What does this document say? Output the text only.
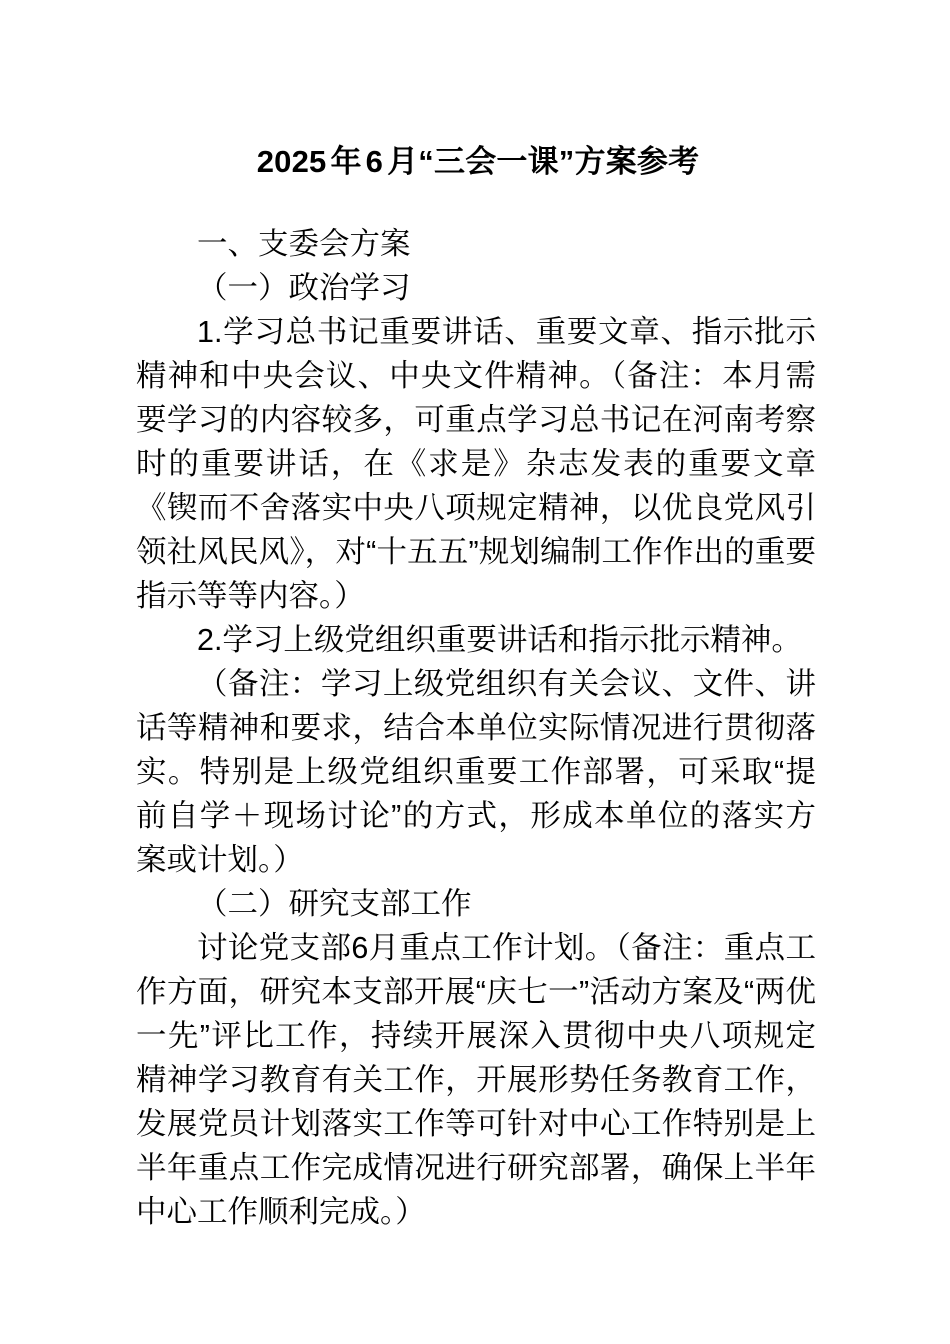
2025 年 6 月“三会一课”方案参考

一、支委会方案

（一）政治学习

1.学习总书记重要讲话、重要文章、指示批示精神和中央会议、中央文件精神。（备注：本月需要学习的内容较多，可重点学习总书记在河南考察时的重要讲话，在《求是》杂志发表的重要文章《锲而不舍落实中央八项规定精神，以优良党风引领社风民风》，对“十五五”规划编制工作作出的重要指示等等内容。）

2.学习上级党组织重要讲话和指示批示精神。

（备注：学习上级党组织有关会议、文件、讲话等精神和要求，结合本单位实际情况进行贯彻落实。特别是上级党组织重要工作部署，可采取“提前自学＋现场讨论”的方式，形成本单位的落实方案或计划。）

（二）研究支部工作

讨论党支部6月重点工作计划。（备注：重点工作方面，研究本支部开展“庆七一”活动方案及“两优一先”评比工作，持续开展深入贯彻中央八项规定精神学习教育有关工作，开展形势任务教育工作，发展党员计划落实工作等可针对中心工作特别是上半年重点工作完成情况进行研究部署，确保上半年中心工作顺利完成。）
